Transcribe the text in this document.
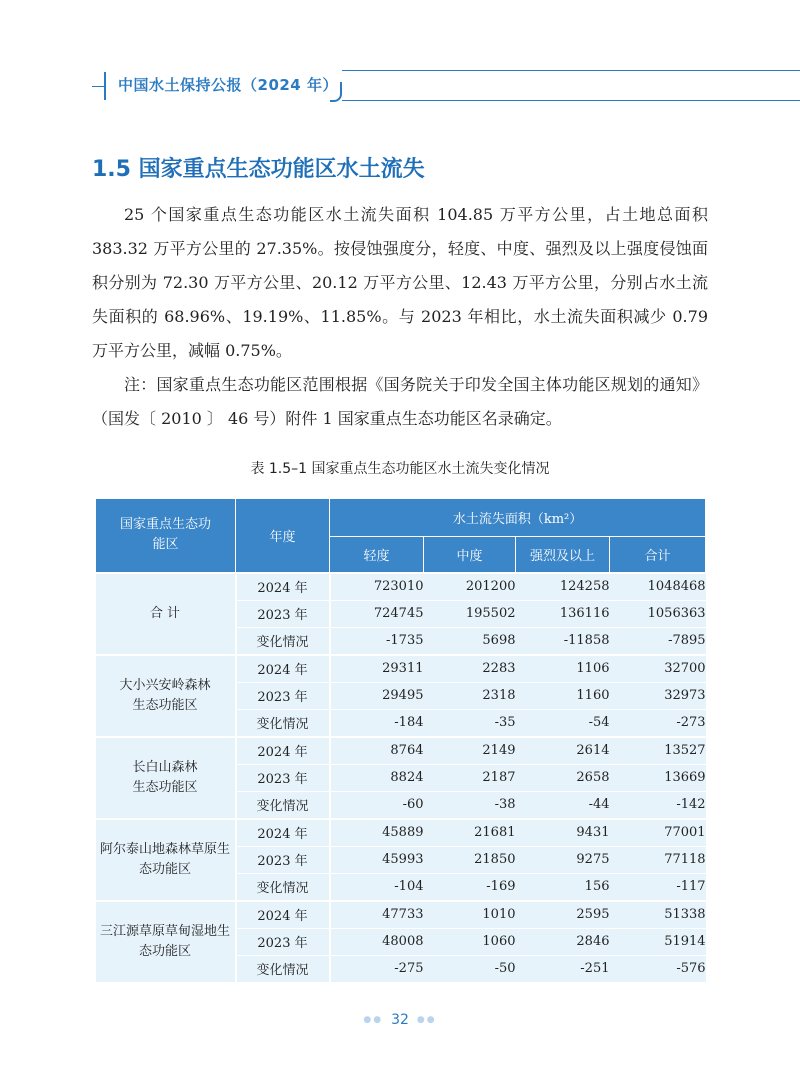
中国水土保持公报（2024 年）
1.5 国家重点生态功能区水土流失

25 个国家重点生态功能区水土流失面积 104.85 万平方公里，占土地总面积 383.32 万平方公里的 27.35%。按侵蚀强度分，轻度、中度、强烈及以上强度侵蚀面积分别为 72.30 万平方公里、20.12 万平方公里、12.43 万平方公里，分别占水土流失面积的 68.96%、19.19%、11.85%。与 2023 年相比，水土流失面积减少 0.79 万平方公里，减幅 0.75%。

注：国家重点生态功能区范围根据《国务院关于印发全国主体功能区规划的通知》（国发〔 2010 〕 46 号）附件 1 国家重点生态功能区名录确定。

表 1.5–1 国家重点生态功能区水土流失变化情况
国家重点生态功能区	年度	水土流失面积（km²）			
		轻度	中度	强烈及以上	合计
合 计	2024 年	723010	201200	124258	1048468
	2023 年	724745	195502	136116	1056363
	变化情况	-1735	5698	-11858	-7895

大小兴安岭森林生态功能区	2024 年	29311	2283	1106	32700
	2023 年	29495	2318	1160	32973
	变化情况	-184	-35	-54	-273

长白山森林生态功能区	2024 年	8764	2149	2614	13527
	2023 年	8824	2187	2658	13669
	变化情况	-60	-38	-44	-142

阿尔泰山地森林草原生态功能区	2024 年	45889	21681	9431	77001
	2023 年	45993	21850	9275	77118
	变化情况	-104	-169	156	-117

三江源草原草甸湿地生态功能区	2024 年	47733	1010	2595	51338
	2023 年	48008	1060	2846	51914
	变化情况	-275	-50	-251	-576
●● 32 ●●
